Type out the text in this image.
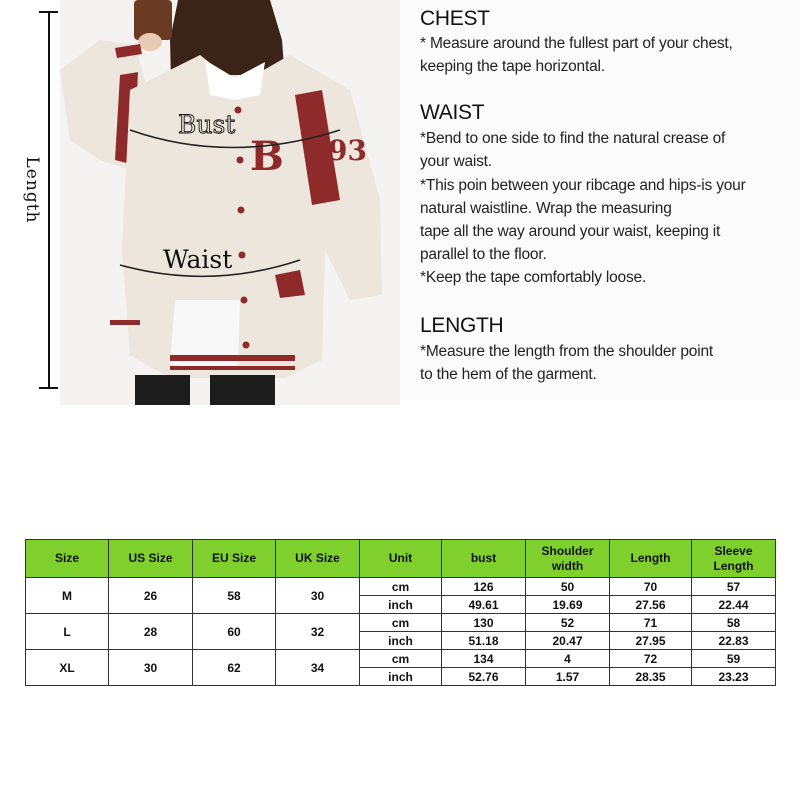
Length
B 93
Bust
Waist
CHEST

* Measure around the fullest part of your chest,

keeping the tape horizontal.

WAIST

*Bend to one side to find the natural crease of

your waist.

*This poin between your ribcage and hips-is your

natural waistline. Wrap the measuring

tape all the way around your waist, keeping it

parallel to the floor.

*Keep the tape comfortably loose.

LENGTH

*Measure the length from the shoulder point

to the hem of the garment.

Size	US Size	EU Size	UK Size	Unit	bust	Shoulder width	Length	Sleeve Length
M	26	58	30	cm	126	50	70	57
				inch	49.61	19.69	27.56	22.44
L	28	60	32	cm	130	52	71	58
				inch	51.18	20.47	27.95	22.83
XL	30	62	34	cm	134	4	72	59
				inch	52.76	1.57	28.35	23.23
